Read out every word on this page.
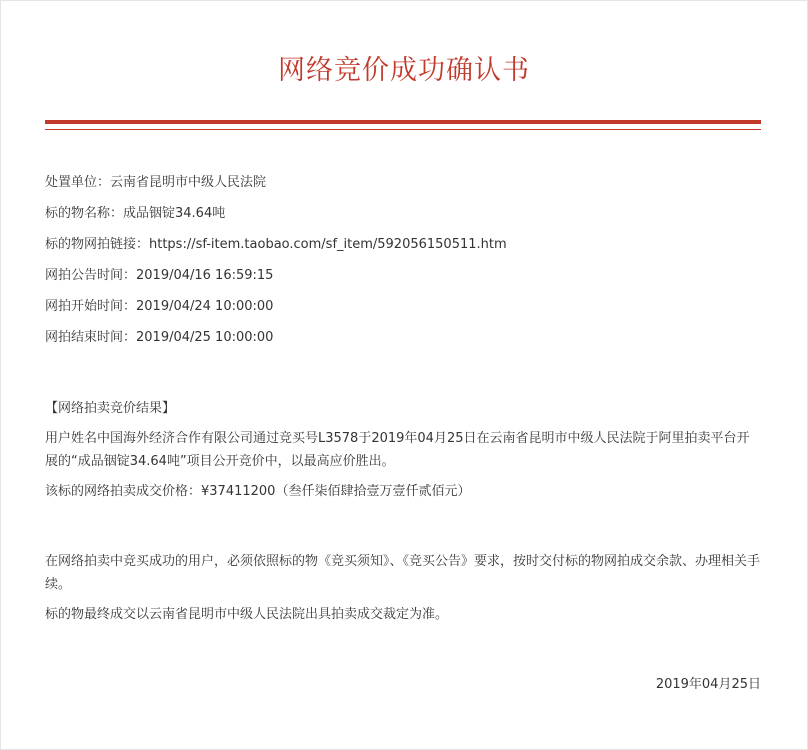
网络竞价成功确认书
处置单位：云南省昆明市中级人民法院
标的物名称：成品铟锭34.64吨
标的物网拍链接：https://sf-item.taobao.com/sf_item/592056150511.htm
网拍公告时间：2019/04/16 16:59:15
网拍开始时间：2019/04/24 10:00:00
网拍结束时间：2019/04/25 10:00:00
【网络拍卖竞价结果】
用户姓名中国海外经济合作有限公司通过竞买号L3578于2019年04月25日在云南省昆明市中级人民法院于阿里拍卖平台开展的“成品铟锭34.64吨”项目公开竞价中，以最高应价胜出。
该标的网络拍卖成交价格：¥37411200（叁仟柒佰肆拾壹万壹仟贰佰元）
在网络拍卖中竞买成功的用户，必须依照标的物《竞买须知》、《竞买公告》要求，按时交付标的物网拍成交余款、办理相关手续。
标的物最终成交以云南省昆明市中级人民法院出具拍卖成交裁定为准。
2019年04月25日
